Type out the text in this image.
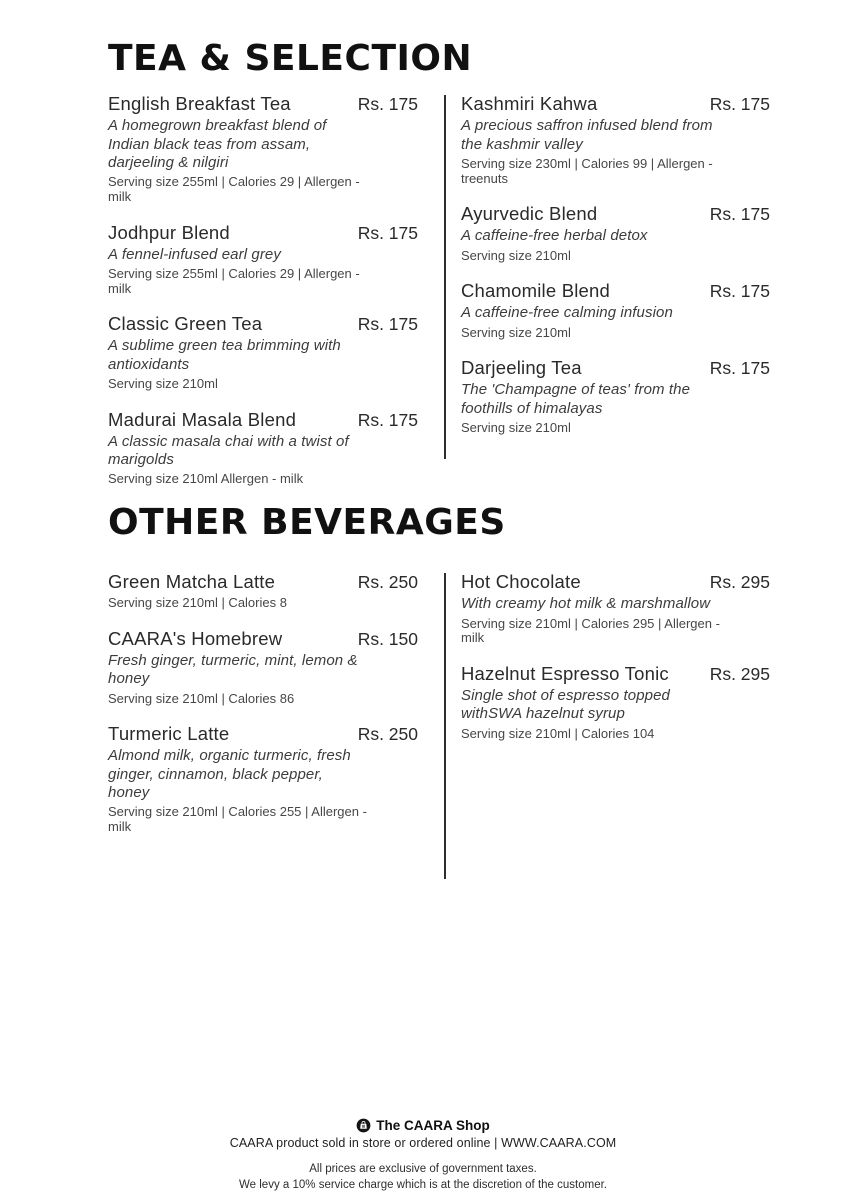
TEA & SELECTION
English Breakfast Tea	Rs. 175
A homegrown breakfast blend of Indian black teas from assam, darjeeling & nilgiri
Serving size 255ml | Calories 29 | Allergen - milk
Jodhpur Blend	Rs. 175
A fennel-infused earl grey
Serving size 255ml | Calories 29 | Allergen - milk
Classic Green Tea	Rs. 175
A sublime green tea brimming with antioxidants
Serving size 210ml
Madurai Masala Blend	Rs. 175
A classic masala chai with a twist of marigolds
Serving size 210ml Allergen - milk
Kashmiri Kahwa	Rs. 175
A precious saffron infused blend from the kashmir valley
Serving size 230ml | Calories 99 | Allergen -treenuts
Ayurvedic Blend	Rs. 175
A caffeine-free herbal detox
Serving size 210ml
Chamomile Blend	Rs. 175
A caffeine-free calming infusion
Serving size 210ml
Darjeeling Tea	Rs. 175
The 'Champagne of teas' from the foothills of himalayas
Serving size 210ml
OTHER BEVERAGES
Green Matcha Latte	Rs. 250
Serving size 210ml | Calories 8
CAARA's Homebrew	Rs. 150
Fresh ginger, turmeric, mint, lemon & honey
Serving size 210ml | Calories 86
Turmeric Latte	Rs. 250
Almond milk, organic turmeric, fresh ginger, cinnamon, black pepper, honey
Serving size 210ml | Calories 255 | Allergen - milk
Hot Chocolate	Rs. 295
With creamy hot milk & marshmallow
Serving size 210ml | Calories 295 | Allergen - milk
Hazelnut Espresso Tonic Rs. 295
Single shot of espresso topped withSWA hazelnut syrup
Serving size 210ml | Calories 104
The CAARA Shop
CAARA product sold in store or ordered online | WWW.CAARA.COM
All prices are exclusive of government taxes.
We levy a 10% service charge which is at the discretion of the customer.
